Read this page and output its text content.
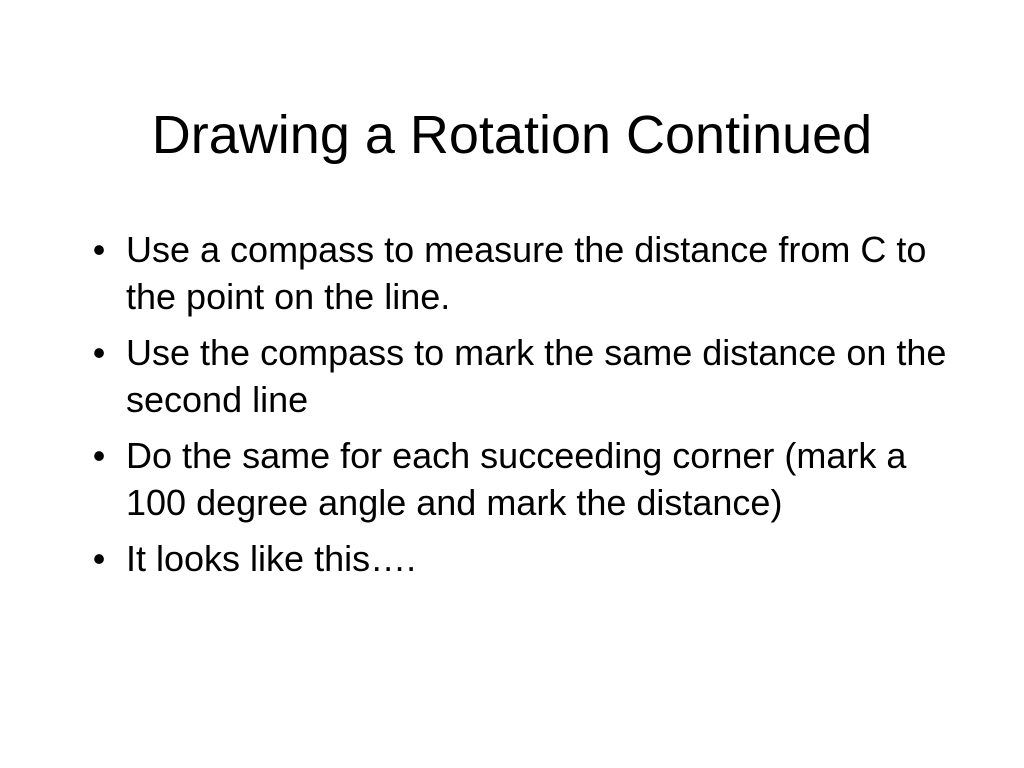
Drawing a Rotation Continued
• Use a compass to measure the distance from C to the point on the line.
• Use the compass to mark the same distance on the second line
• Do the same for each succeeding corner (mark a 100 degree angle and mark the distance)
• It looks like this….
